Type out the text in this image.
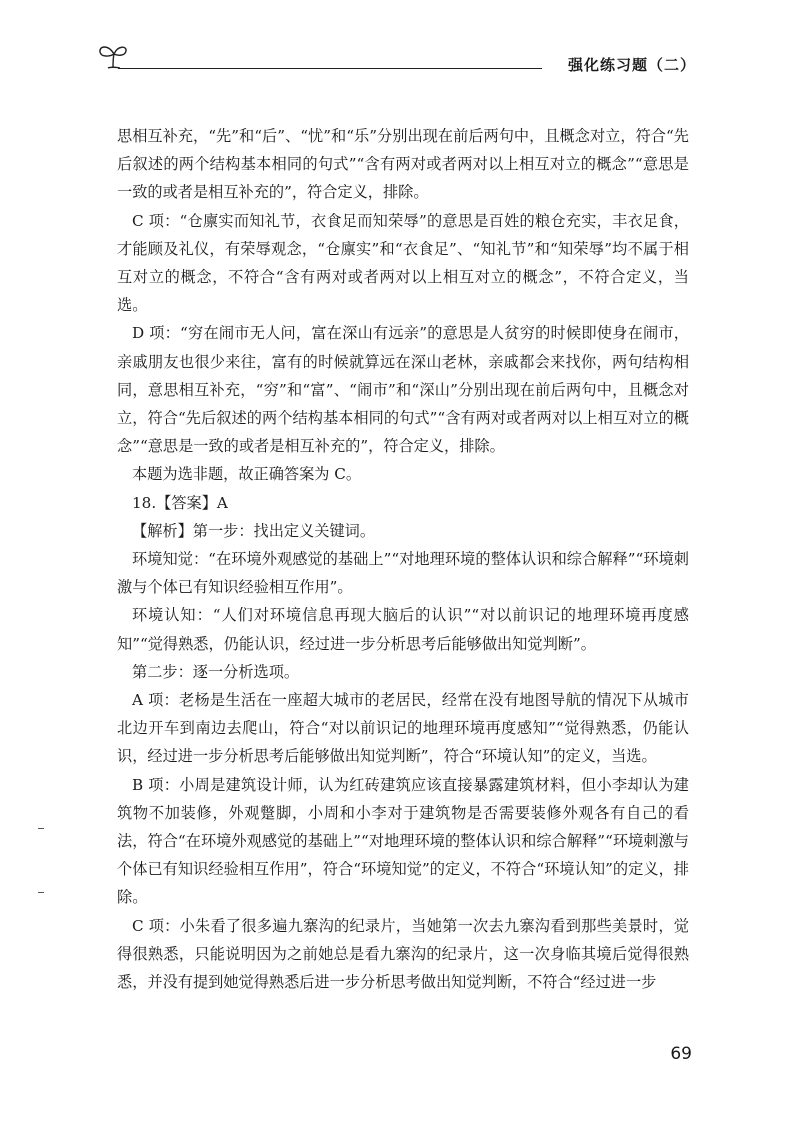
强化练习题（二）

思相互补充，“先”和“后”、“忧”和“乐”分别出现在前后两句中，且概念对立，符合“先后叙述的两个结构基本相同的句式”“含有两对或者两对以上相互对立的概念”“意思是一致的或者是相互补充的”，符合定义，排除。

C 项：“仓廪实而知礼节，衣食足而知荣辱”的意思是百姓的粮仓充实，丰衣足食，才能顾及礼仪，有荣辱观念，“仓廪实”和“衣食足”、“知礼节”和“知荣辱”均不属于相互对立的概念，不符合“含有两对或者两对以上相互对立的概念”，不符合定义，当选。

D 项：“穷在闹市无人问，富在深山有远亲”的意思是人贫穷的时候即使身在闹市，亲戚朋友也很少来往，富有的时候就算远在深山老林，亲戚都会来找你，两句结构相同，意思相互补充，“穷”和“富”、“闹市”和“深山”分别出现在前后两句中，且概念对立，符合“先后叙述的两个结构基本相同的句式”“含有两对或者两对以上相互对立的概念”“意思是一致的或者是相互补充的”，符合定义，排除。

本题为选非题，故正确答案为 C。

18.【答案】A

【解析】第一步：找出定义关键词。

环境知觉：“在环境外观感觉的基础上”“对地理环境的整体认识和综合解释”“环境刺激与个体已有知识经验相互作用”。

环境认知：“人们对环境信息再现大脑后的认识”“对以前识记的地理环境再度感知”“觉得熟悉，仍能认识，经过进一步分析思考后能够做出知觉判断”。

第二步：逐一分析选项。

A 项：老杨是生活在一座超大城市的老居民，经常在没有地图导航的情况下从城市北边开车到南边去爬山，符合“对以前识记的地理环境再度感知”“觉得熟悉，仍能认识，经过进一步分析思考后能够做出知觉判断”，符合“环境认知”的定义，当选。

B 项：小周是建筑设计师，认为红砖建筑应该直接暴露建筑材料，但小李却认为建筑物不加装修，外观蹩脚，小周和小李对于建筑物是否需要装修外观各有自己的看法，符合“在环境外观感觉的基础上”“对地理环境的整体认识和综合解释”“环境刺激与个体已有知识经验相互作用”，符合“环境知觉”的定义，不符合“环境认知”的定义，排除。

C 项：小朱看了很多遍九寨沟的纪录片，当她第一次去九寨沟看到那些美景时，觉得很熟悉，只能说明因为之前她总是看九寨沟的纪录片，这一次身临其境后觉得很熟悉，并没有提到她觉得熟悉后进一步分析思考做出知觉判断，不符合“经过进一步

69
